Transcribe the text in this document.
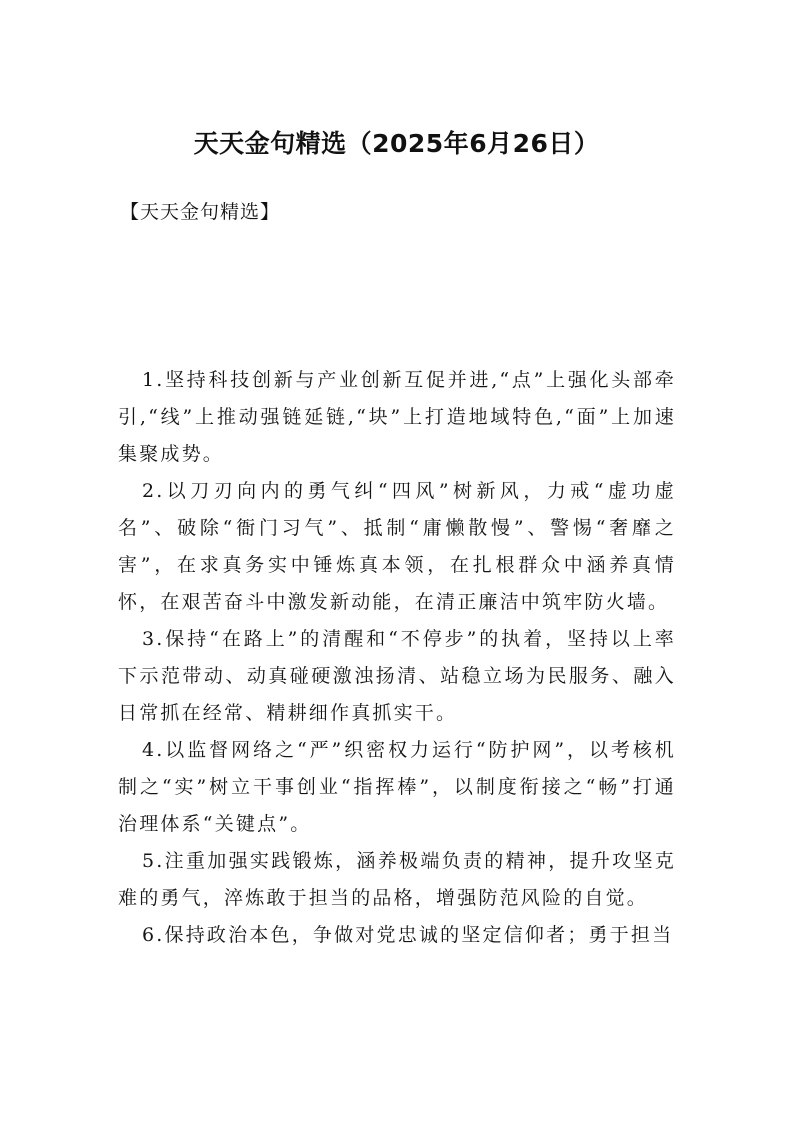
天天金句精选（2025年6月26日）

【天天金句精选】

1.坚持科技创新与产业创新互促并进,“点”上强化头部牵引,“线”上推动强链延链,“块”上打造地域特色,“面”上加速集聚成势。

2.以刀刃向内的勇气纠“四风”树新风，力戒“虚功虚名”、破除“衙门习气”、抵制“庸懒散慢”、警惕“奢靡之害”，在求真务实中锤炼真本领，在扎根群众中涵养真情怀，在艰苦奋斗中激发新动能，在清正廉洁中筑牢防火墙。

3.保持“在路上”的清醒和“不停步”的执着，坚持以上率下示范带动、动真碰硬激浊扬清、站稳立场为民服务、融入日常抓在经常、精耕细作真抓实干。

4.以监督网络之“严”织密权力运行“防护网”，以考核机制之“实”树立干事创业“指挥棒”，以制度衔接之“畅”打通治理体系“关键点”。

5.注重加强实践锻炼，涵养极端负责的精神，提升攻坚克难的勇气，淬炼敢于担当的品格，增强防范风险的自觉。

6.保持政治本色，争做对党忠诚的坚定信仰者；勇于担当
